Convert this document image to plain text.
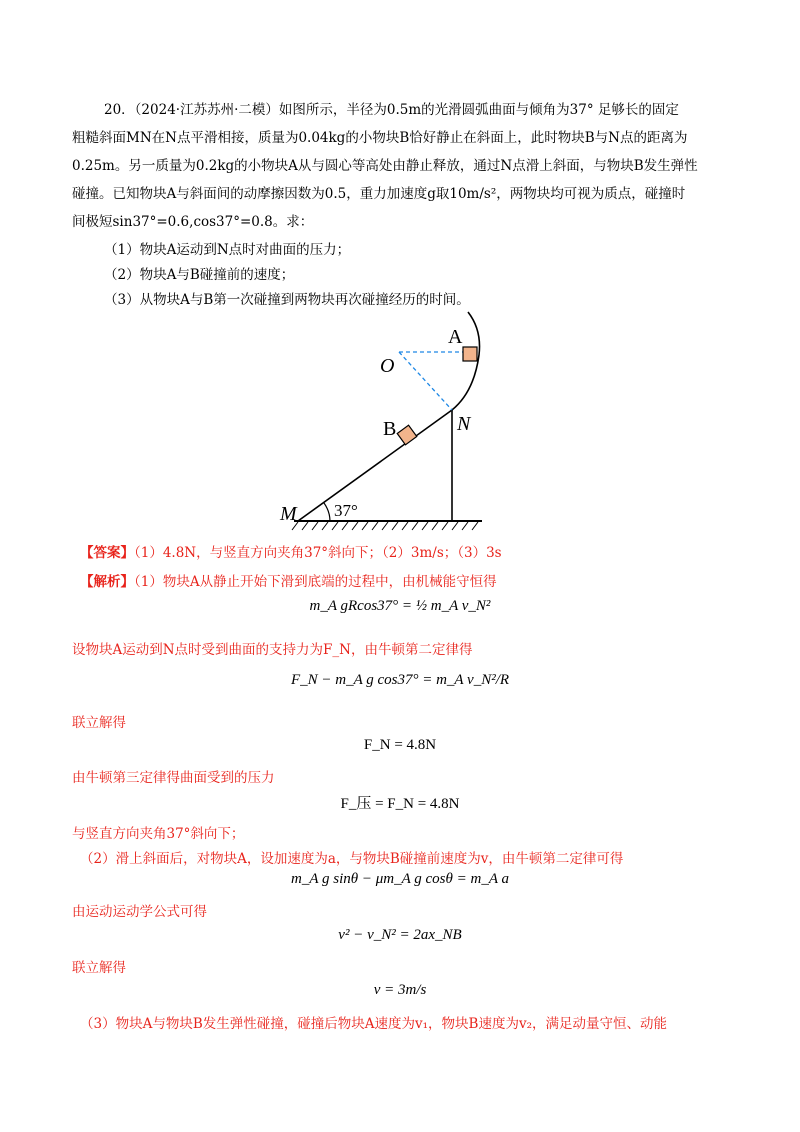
20．（2024·江苏苏州·二模）如图所示，半径为0.5m的光滑圆弧曲面与倾角为37° 足够长的固定
粗糙斜面MN在N点平滑相接，质量为0.04kg的小物块B恰好静止在斜面上，此时物块B与N点的距离为
0.25m。另一质量为0.2kg的小物块A从与圆心等高处由静止释放，通过N点滑上斜面，与物块B发生弹性
碰撞。已知物块A与斜面间的动摩擦因数为0.5，重力加速度g取10m/s²，两物块均可视为质点，碰撞时
间极短sin37°=0.6,cos37°=0.8。求：
（1）物块A运动到N点时对曲面的压力；
（2）物块A与B碰撞前的速度；
（3）从物块A与B第一次碰撞到两物块再次碰撞经历的时间。
A
O
B	N
M 37°
【答案】（1）4.8N，与竖直方向夹角37°斜向下；（2）3m/s；（3）3s
【解析】（1）物块A从静止开始下滑到底端的过程中，由机械能守恒得
m_A gRcos37° = ½ m_A v_N²
设物块A运动到N点时受到曲面的支持力为F_N，由牛顿第二定律得
F_N − m_A g cos37° = m_A v_N²/R
联立解得
F_N = 4.8N
由牛顿第三定律得曲面受到的压力
F_压 = F_N = 4.8N
与竖直方向夹角37°斜向下；
（2）滑上斜面后，对物块A，设加速度为a，与物块B碰撞前速度为v，由牛顿第二定律可得
m_A g sinθ − μm_A g cosθ = m_A a
由运动运动学公式可得
v² − v_N² = 2ax_NB
联立解得
v = 3m/s
（3）物块A与物块B发生弹性碰撞，碰撞后物块A速度为v₁，物块B速度为v₂，满足动量守恒、动能
